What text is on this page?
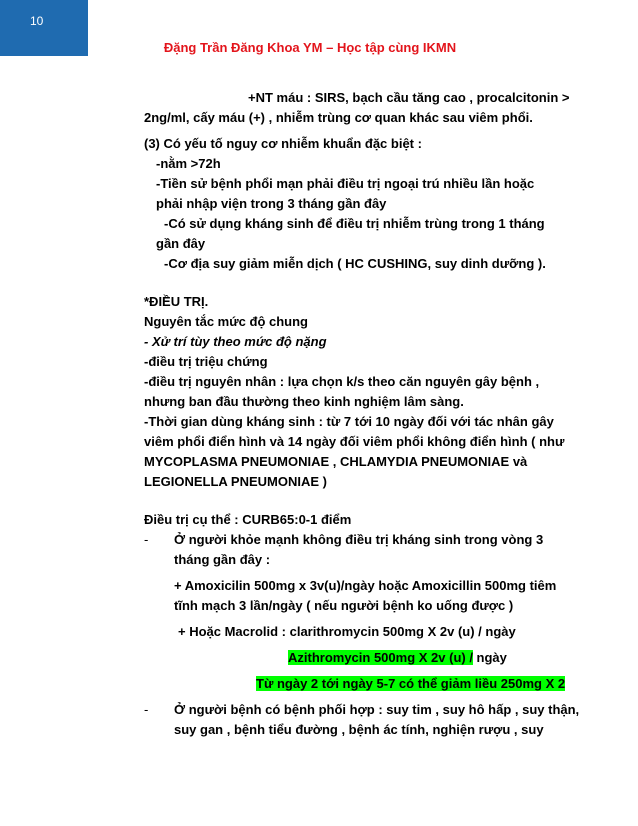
10
Đặng Trần Đăng Khoa YM – Học tập cùng IKMN
+NT máu : SIRS, bạch cầu tăng cao , procalcitonin >
2ng/ml, cấy máu (+) , nhiễm trùng cơ quan khác sau viêm phổi.
(3) Có yếu tố nguy cơ nhiễm khuẩn đặc biệt :
-nằm >72h
-Tiền sử bệnh phổi mạn phải điều trị ngoại trú nhiều lần hoặc
phải nhập viện trong 3 tháng gần đây
-Có sử dụng kháng sinh để điều trị nhiễm trùng trong 1 tháng
gần đây
-Cơ địa suy giảm miễn dịch ( HC CUSHING, suy dinh dưỡng ).
*ĐIỀU TRỊ.
Nguyên tắc mức độ chung
- Xử trí tùy theo mức độ nặng
-điều trị triệu chứng
-điều trị nguyên nhân : lựa chọn k/s theo căn nguyên gây bệnh ,
nhưng ban đầu thường theo kinh nghiệm lâm sàng.
-Thời gian dùng kháng sinh : từ 7 tới 10 ngày đối với tác nhân gây
viêm phổi điển hình và 14 ngày đối viêm phổi không điển hình ( như
MYCOPLASMA PNEUMONIAE , CHLAMYDIA PNEUMONIAE và
LEGIONELLA PNEUMONIAE )
Điều trị cụ thể : CURB65:0-1 điểm
- Ở người khỏe mạnh không điều trị kháng sinh trong vòng 3
tháng gần đây :
+ Amoxicilin 500mg x 3v(u)/ngày hoặc Amoxicillin 500mg tiêm
tĩnh mạch 3 lần/ngày ( nếu người bệnh ko uống được )
+ Hoặc Macrolid : clarithromycin 500mg X 2v (u) / ngày
Azithromycin 500mg X 2v (u) / ngày
Từ ngày 2 tới ngày 5-7 có thể giảm liều 250mg X 2
- Ở người bệnh có bệnh phối hợp : suy tim , suy hô hấp , suy thận,
suy gan , bệnh tiểu đường , bệnh ác tính, nghiện rượu , suy
